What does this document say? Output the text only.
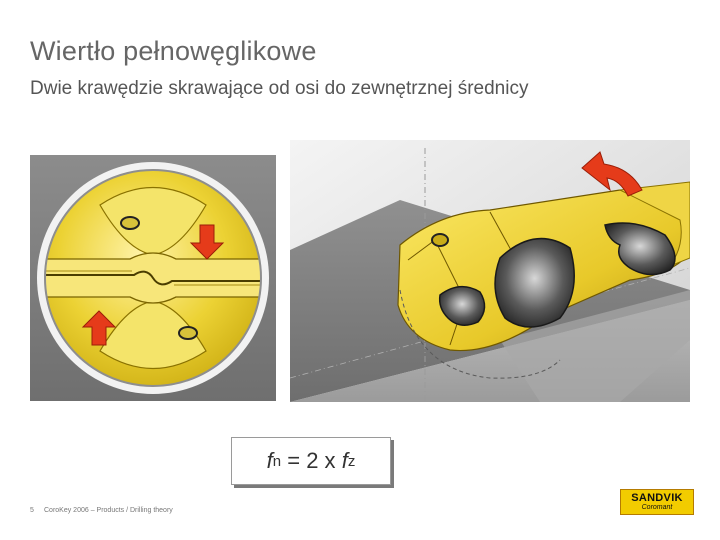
Wiertło pełnowęglikowe
Dwie krawędzie skrawające od osi do zewnętrznej średnicy
f n = 2 x f z
5 CoroKey 2006 – Products / Drilling theory
SANDVIK
Coromant
